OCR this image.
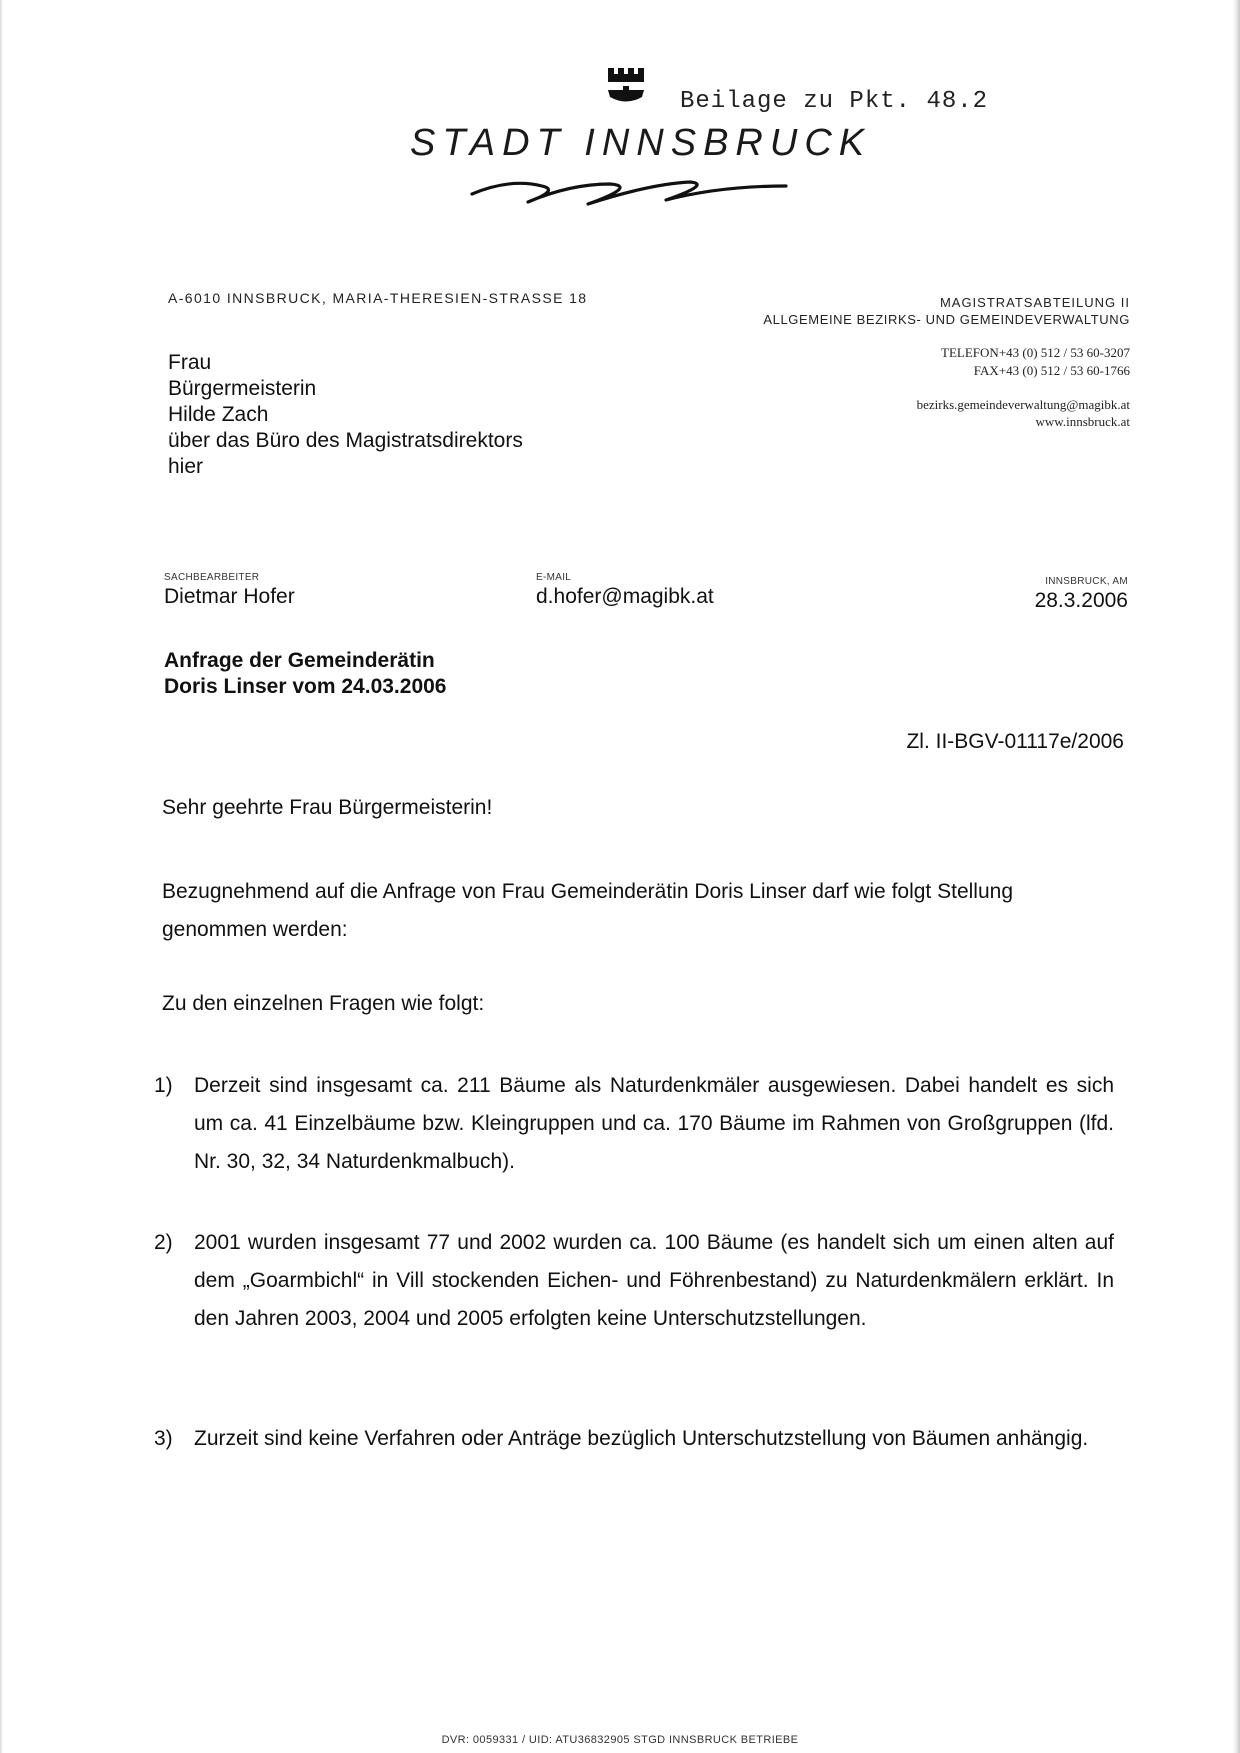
Beilage zu Pkt. 48.2
STADT INNSBRUCK
A-6010 INNSBRUCK, MARIA-THERESIEN-STRASSE 18	MAGISTRATSABTEILUNG II
ALLGEMEINE BEZIRKS- UND GEMEINDEVERWALTUNG
TELEFON+43 (0) 512 / 53 60-3207
FAX+43 (0) 512 / 53 60-1766
bezirks.gemeindeverwaltung@magibk.at
www.innsbruck.at
Frau
Bürgermeisterin
Hilde Zach
über das Büro des Magistratsdirektors
hier
SACHBEARBEITER
Dietmar Hofer
E-MAIL
d.hofer@magibk.at
INNSBRUCK, AM
28.3.2006
Anfrage der Gemeinderätin
Doris Linser vom 24.03.2006
Zl. II-BGV-01117e/2006
Sehr geehrte Frau Bürgermeisterin!
Bezugnehmend auf die Anfrage von Frau Gemeinderätin Doris Linser darf wie folgt Stellung genommen werden:
Zu den einzelnen Fragen wie folgt:
1)	Derzeit sind insgesamt ca. 211 Bäume als Naturdenkmäler ausgewiesen. Dabei handelt es sich um ca. 41 Einzelbäume bzw. Kleingruppen und ca. 170 Bäume im Rahmen von Großgruppen (lfd. Nr. 30, 32, 34 Naturdenkmalbuch).
2)	2001 wurden insgesamt 77 und 2002 wurden ca. 100 Bäume (es handelt sich um einen alten auf dem „Goarmbichl“ in Vill stockenden Eichen- und Föhrenbestand) zu Naturdenkmälern erklärt. In den Jahren 2003, 2004 und 2005 erfolgten keine Unterschutzstellungen.
3)	Zurzeit sind keine Verfahren oder Anträge bezüglich Unterschutzstellung von Bäumen anhängig.
DVR: 0059331 / UID: ATU36832905 STGD INNSBRUCK BETRIEBE
